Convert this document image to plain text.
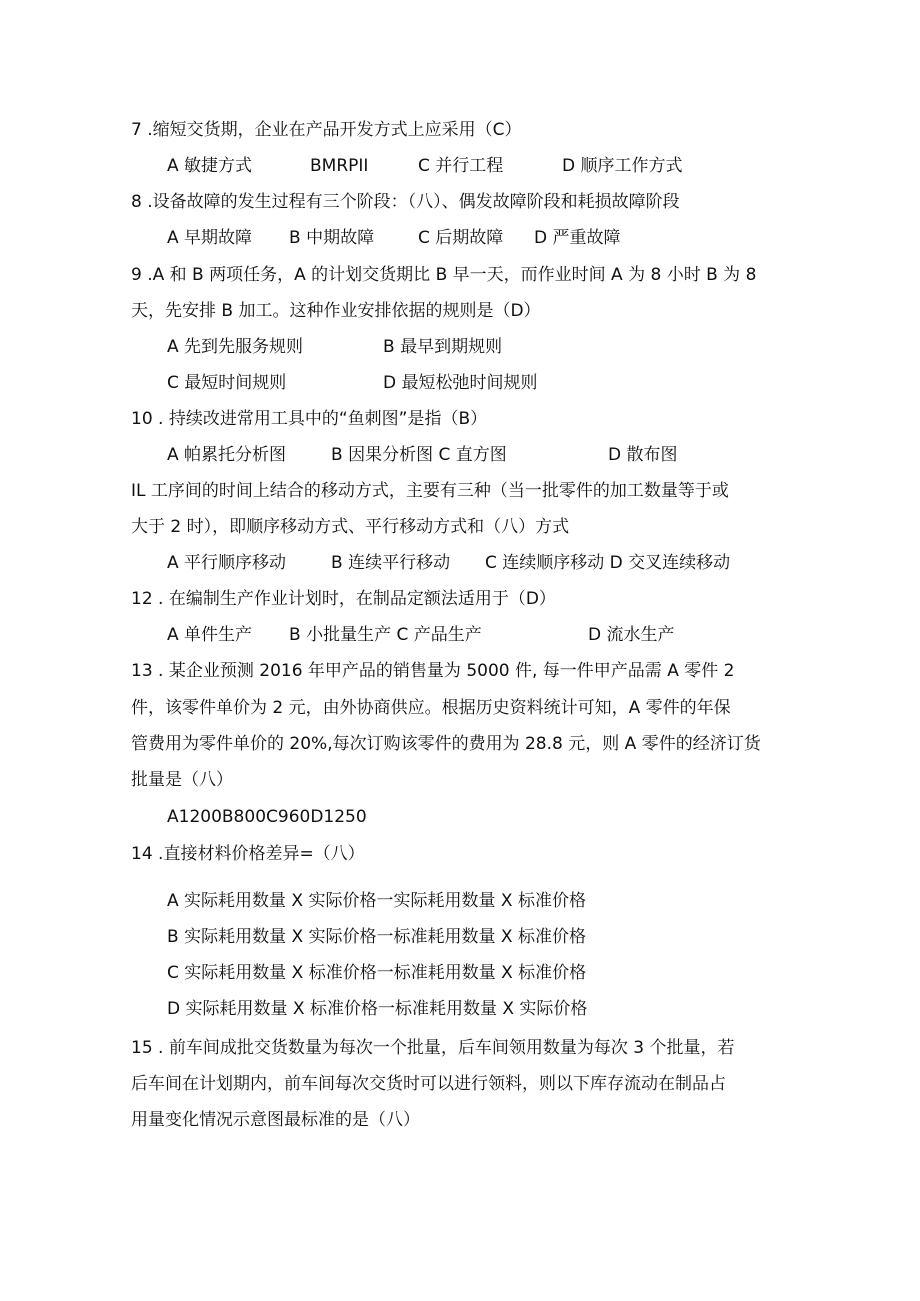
7 .缩短交货期，企业在产品开发方式上应采用（C）
A 敏捷方式	BMRPII	C 并行工程	D 顺序工作方式
8 .设备故障的发生过程有三个阶段：（八）、偶发故障阶段和耗损故障阶段
A 早期故障 B 中期故障	C 后期故障 D 严重故障
9 .A 和 B 两项任务，A 的计划交货期比 B 早一天，而作业时间 A 为 8 小时 B 为 8
天，先安排 B 加工。这种作业安排依据的规则是（D）
A 先到先服务规则	B 最早到期规则
C 最短时间规则	D 最短松弛时间规则
10 . 持续改进常用工具中的“鱼刺图”是指（B）
A 帕累托分析图	B 因果分析图 C 直方图	D 散布图
IL 工序间的时间上结合的移动方式，主要有三种（当一批零件的加工数量等于或
大于 2 时），即顺序移动方式、平行移动方式和（八）方式
A 平行顺序移动	B 连续平行移动 C 连续顺序移动 D 交叉连续移动
12 . 在编制生产作业计划时，在制品定额法适用于（D）
A 单件生产 B 小批量生产 C 产品生产	D 流水生产
13 . 某企业预测 2016 年甲产品的销售量为 5000 件, 每一件甲产品需 A 零件 2
件，该零件单价为 2 元，由外协商供应。根据历史资料统计可知，A 零件的年保
管费用为零件单价的 20%,每次订购该零件的费用为 28.8 元，则 A 零件的经济订货
批量是（八）
A1200B800C960D1250
14 .直接材料价格差异=（八）
A 实际耗用数量 X 实际价格一实际耗用数量 X 标准价格
B 实际耗用数量 X 实际价格一标准耗用数量 X 标准价格
C 实际耗用数量 X 标准价格一标准耗用数量 X 标准价格
D 实际耗用数量 X 标准价格一标准耗用数量 X 实际价格
15 . 前车间成批交货数量为每次一个批量，后车间领用数量为每次 3 个批量，若
后车间在计划期内，前车间每次交货时可以进行领料，则以下库存流动在制品占
用量变化情况示意图最标准的是（八）
